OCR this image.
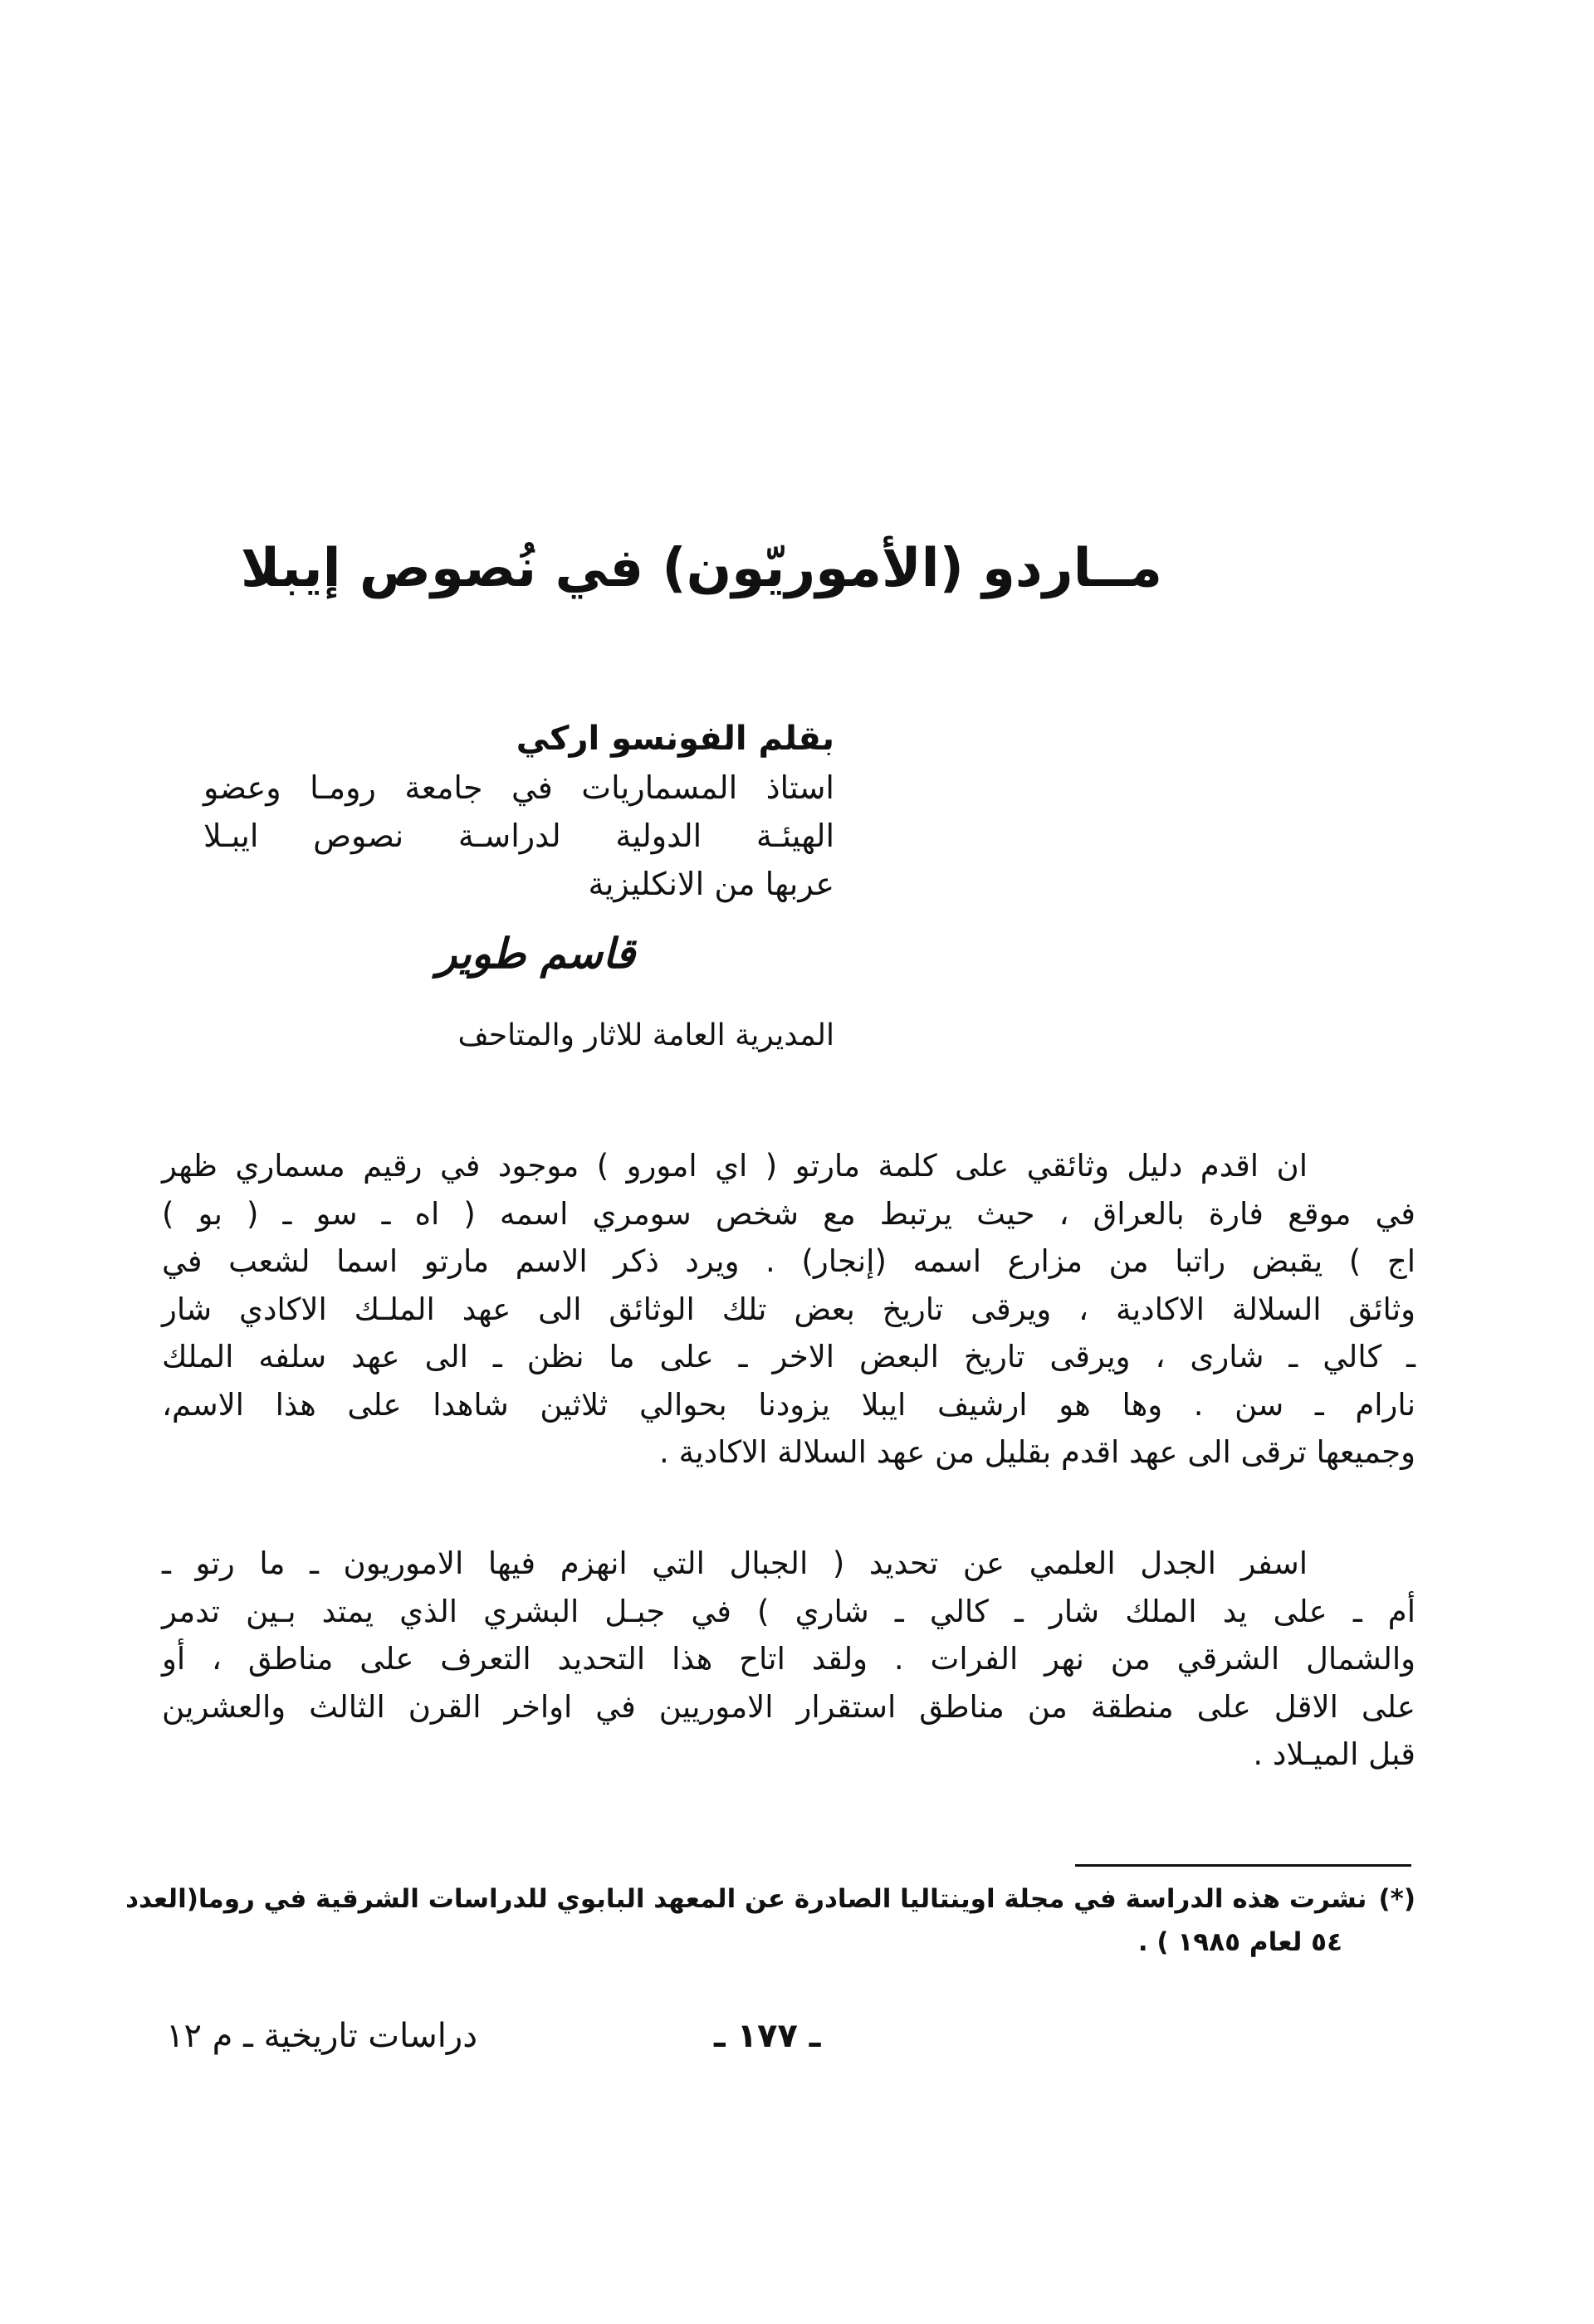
مــاردو (الأموريّون) في نُصوص إيبلا

بقلم الفونسو اركي

استاذ المسماريات في جامعة رومـا وعضو

الهيئـة الدولية لدراسـة نصوص ايبـلا

عربها من الانكليزية

قاسم طوير

المديرية العامة للاثار والمتاحف

ان اقدم دليل وثائقي على كلمة مارتو ( اي امورو ) موجود في رقيم مسماري ظهر
في موقع فارة بالعراق ، حيث يرتبط مع شخص سومري اسمه ( اه ـ سو ـ ( بو )
اج ) يقبض راتبا من مزارع اسمه (إنجار) . ويرد ذكر الاسم مارتو اسما لشعب في
وثائق السلالة الاكادية ، ويرقى تاريخ بعض تلك الوثائق الى عهد الملـك الاكادي شار
ـ كالي ـ شارى ، ويرقى تاريخ البعض الاخر ـ على ما نظن ـ الى عهد سلفه الملك
نارام ـ سن . وها هو ارشيف ايبلا يزودنا بحوالي ثلاثين شاهدا على هذا الاسم،
وجميعها ترقى الى عهد اقدم بقليل من عهد السلالة الاكادية .
اسفر الجدل العلمي عن تحديد ( الجبال التي انهزم فيها الاموريون ـ ما رتو ـ
أم ـ على يد الملك شار ـ كالي ـ شاري ) في جبـل البشري الذي يمتد بـين تدمر
والشمال الشرقي من نهر الفرات . ولقد اتاح هذا التحديد التعرف على مناطق ، أو
على الاقل على منطقة من مناطق استقرار الاموريين في اواخر القرن الثالث والعشرين
قبل الميـلاد .
(*)نشرت هذه الدراسة في مجلة اوينتاليا الصادرة عن المعهد البابوي للدراسات الشرقية في روما(العدد
٥٤ لعام ١٩٨٥ ) .
ـ ١٧٧ ـ
دراسات تاريخية ـ م ١٢
